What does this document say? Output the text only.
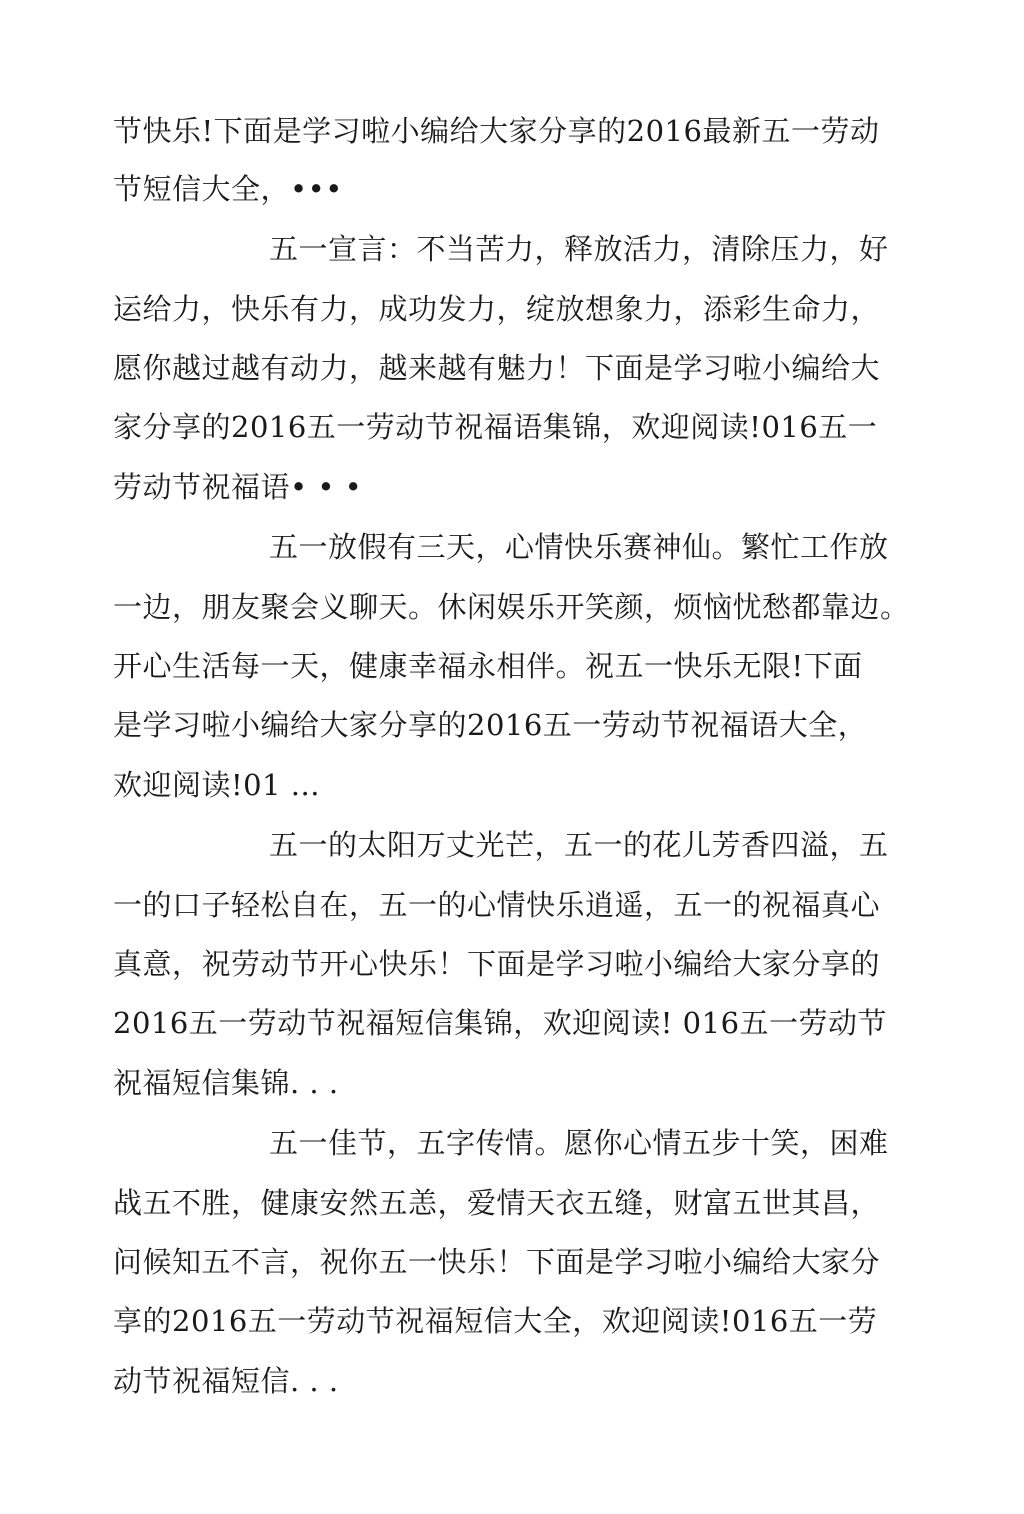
节快乐!下面是学习啦小编给大家分享的2016最新五一劳动
节短信大全，•••
五一宣言：不当苦力，释放活力，清除压力，好
运给力，快乐有力，成功发力，绽放想象力，添彩生命力，
愿你越过越有动力，越来越有魅力！下面是学习啦小编给大
家分享的2016五一劳动节祝福语集锦，欢迎阅读!016五一
劳动节祝福语• • •
五一放假有三天，心情快乐赛神仙。繁忙工作放
一边，朋友聚会义聊天。休闲娱乐开笑颜，烦恼忧愁都靠边。
开心生活每一天，健康幸福永相伴。祝五一快乐无限!下面
是学习啦小编给大家分享的2016五一劳动节祝福语大全，
欢迎阅读!01 ...
五一的太阳万丈光芒，五一的花儿芳香四溢，五
一的口子轻松自在，五一的心情快乐逍遥，五一的祝福真心
真意，祝劳动节开心快乐！下面是学习啦小编给大家分享的
2016五一劳动节祝福短信集锦，欢迎阅读! 016五一劳动节
祝福短信集锦. . .
五一佳节，五字传情。愿你心情五步十笑，困难
战五不胜，健康安然五恙，爱情天衣五缝，财富五世其昌，
问候知五不言，祝你五一快乐！下面是学习啦小编给大家分
享的2016五一劳动节祝福短信大全，欢迎阅读!016五一劳
动节祝福短信. . .
